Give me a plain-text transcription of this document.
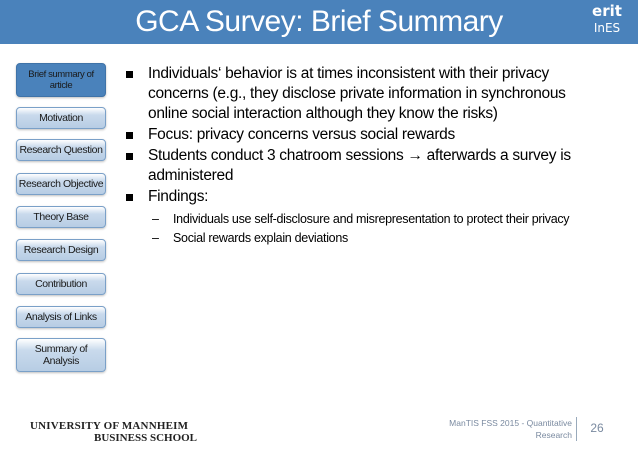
GCA Survey: Brief Summary	erit
InES
Brief summary of article
Motivation
Research Question
Research Objective
Theory Base
Research Design
Contribution
Analysis of Links
Summary of Analysis
Individuals‘ behavior is at times inconsistent with their privacy concerns (e.g., they disclose private information in synchronous online social interaction although they know the risks)
Focus: privacy concerns versus social rewards
Students conduct 3 chatroom sessions → afterwards a survey is administered
Findings:
– Individuals use self-disclosure and misrepresentation to protect their privacy
– Social rewards explain deviations
UNIVERSITY OF MANNHEIM
BUSINESS SCHOOL
ManTIS FSS 2015 - Quantitative Research	26
